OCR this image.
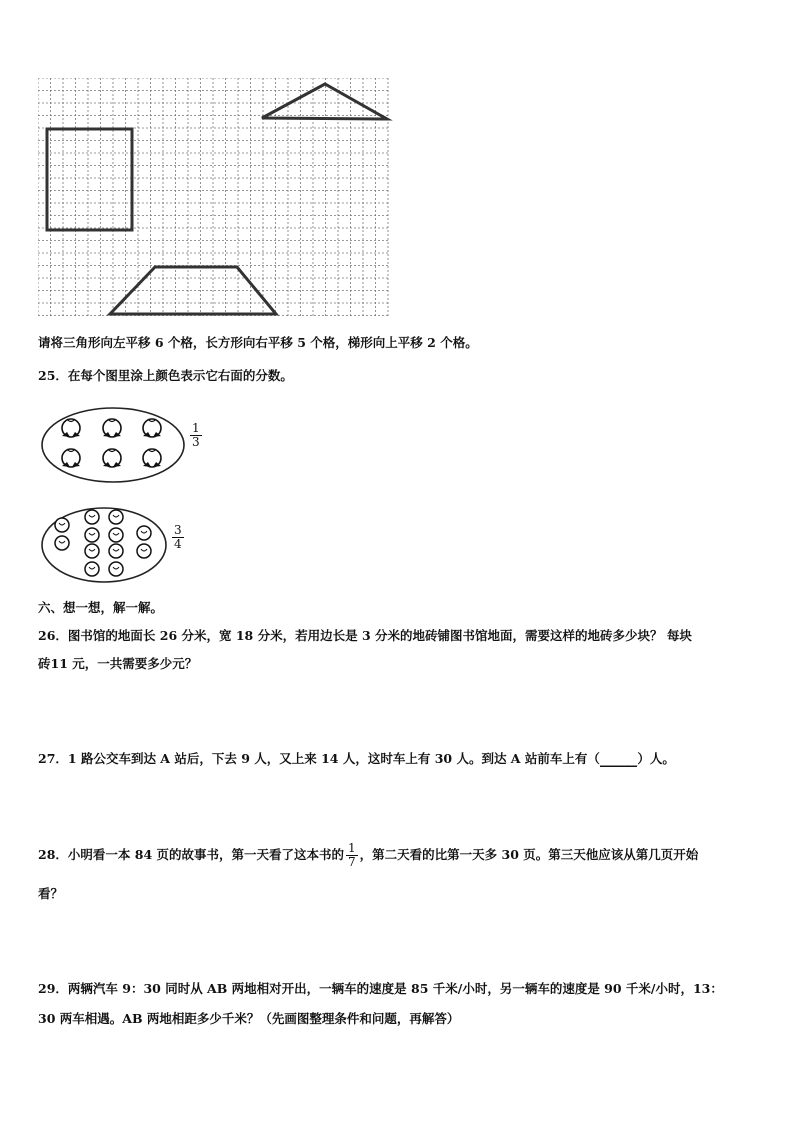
请将三角形向左平移 6 个格，长方形向右平移 5 个格，梯形向上平移 2 个格。
25．在每个图里涂上颜色表示它右面的分数。
$\frac{1}{3}$
$\frac{3}{4}$
六、想一想，解一解。
26．图书馆的地面长 26 分米，宽 18 分米，若用边长是 3 分米的地砖铺图书馆地面，需要这样的地砖多少块？ 每块
砖11 元，一共需要多少元？
27．1 路公交车到达 A 站后，下去 9 人，又上来 14 人，这时车上有 30 人。到达 A 站前车上有（______）人。
28．小明看一本 84 页的故事书，第一天看了这本书的 $\frac{1}{7}$ ，第二天看的比第一天多 30 页。第三天他应该从第几页开始
看？
29．两辆汽车 9：30 同时从 AB 两地相对开出，一辆车的速度是 85 千米/小时，另一辆车的速度是 90 千米/小时，13：
30 两车相遇。AB 两地相距多少千米？（先画图整理条件和问题，再解答）
